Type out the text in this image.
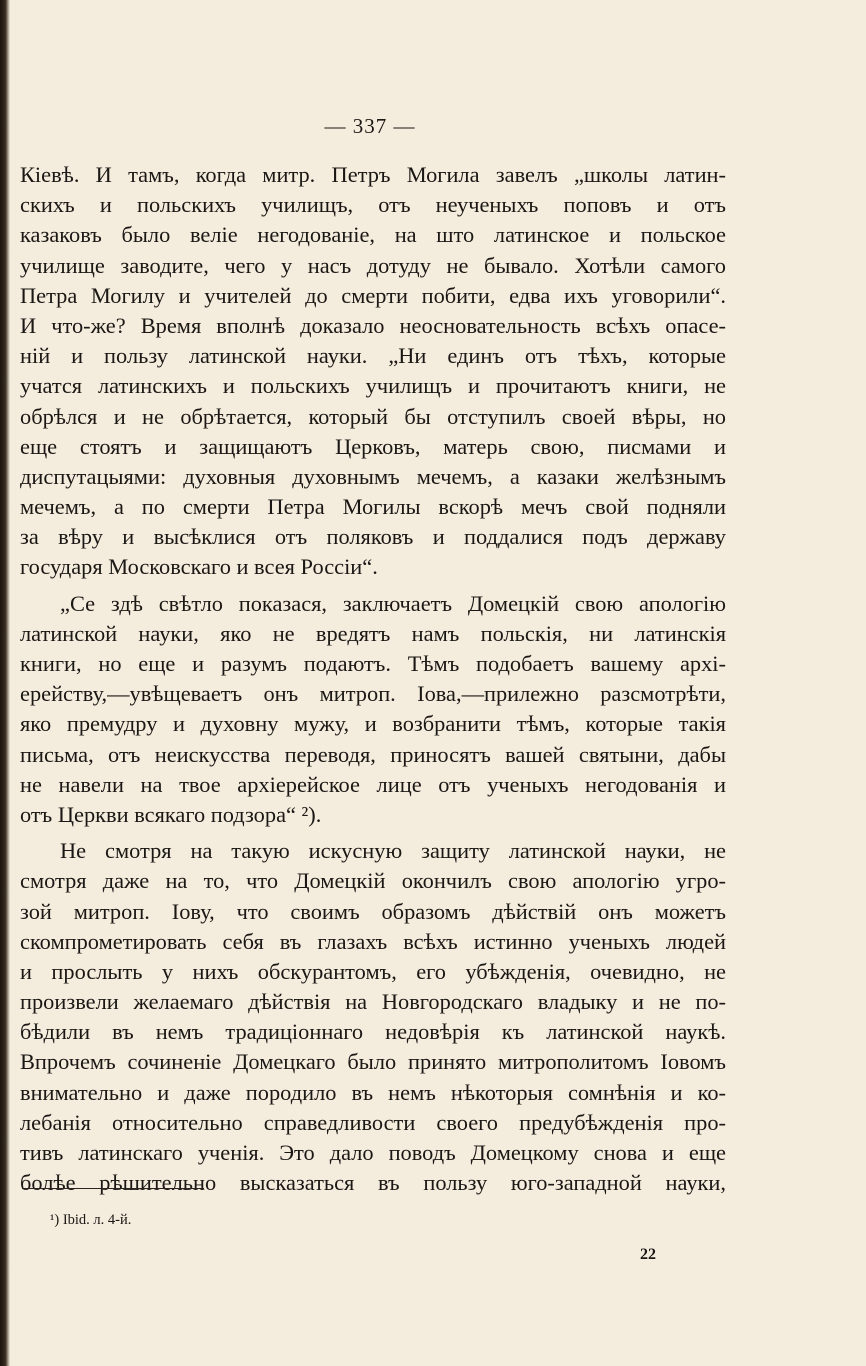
— 337 —
Кіевѣ. И тамъ, когда митр. Петръ Могила завелъ „школы латин-
скихъ и польскихъ училищъ, отъ неученыхъ поповъ и отъ
казаковъ было веліе негодованіе, на што латинское и польское
училище заводите, чего у насъ дотуду не бывало. Хотѣли самого
Петра Могилу и учителей до смерти побити, едва ихъ уговорили“.
И что-же? Время вполнѣ доказало неосновательность всѣхъ опасе-
ній и пользу латинской науки. „Ни единъ отъ тѣхъ, которые
учатся латинскихъ и польскихъ училищъ и прочитаютъ книги, не
обрѣлся и не обрѣтается, который бы отступилъ своей вѣры, но
еще стоятъ и защищаютъ Церковъ, матерь свою, писмами и
диспутацыями: духовныя духовнымъ мечемъ, а казаки желѣзнымъ
мечемъ, а по смерти Петра Могилы вскорѣ мечъ свой подняли
за вѣру и высѣклися отъ поляковъ и поддалися подъ державу
государя Московскаго и всея Россіи“.
„Се здѣ свѣтло показася, заключаетъ Домецкій свою апологію
латинской науки, яко не вредятъ намъ польскія, ни латинскія
книги, но еще и разумъ подаютъ. Тѣмъ подобаетъ вашему архі-
ерейству,—увѣщеваетъ онъ митроп. Іова,—прилежно разсмотрѣти,
яко премудру и духовну мужу, и возбранити тѣмъ, которые такія
письма, отъ неискусства переводя, приносятъ вашей святыни, дабы
не навели на твое архіерейское лице отъ ученыхъ негодованія и
отъ Церкви всякаго подзора“ ²).
Не смотря на такую искусную защиту латинской науки, не
смотря даже на то, что Домецкій окончилъ свою апологію угро-
зой митроп. Іову, что своимъ образомъ дѣйствій онъ можетъ
скомпрометировать себя въ глазахъ всѣхъ истинно ученыхъ людей
и прослыть у нихъ обскурантомъ, его убѣжденія, очевидно, не
произвели желаемаго дѣйствія на Новгородскаго владыку и не по-
бѣдили въ немъ традиціоннаго недовѣрія къ латинской наукѣ.
Впрочемъ сочиненіе Домецкаго было принято митрополитомъ Іовомъ
внимательно и даже породило въ немъ нѣкоторыя сомнѣнія и ко-
лебанія относительно справедливости своего предубѣжденія про-
тивъ латинскаго ученія. Это дало поводъ Домецкому снова и еще
болѣе рѣшительно высказаться въ пользу юго-западной науки,
¹) Ibid. л. 4-й.
22
